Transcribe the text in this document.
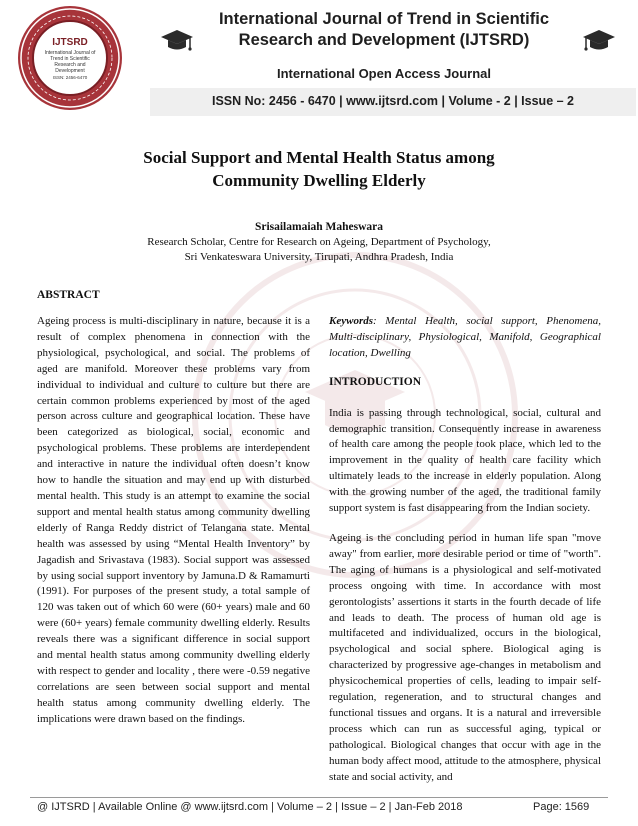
IJTSRD
International Journal of Trend in Scientific Research and Development
ISSN: 2456-6470
International Journal of Trend in Scientific
Research and Development (IJTSRD)
International Open Access Journal
ISSN No: 2456 - 6470 | www.ijtsrd.com | Volume - 2 | Issue – 2
Social Support and Mental Health Status among
Community Dwelling Elderly
Srisailamaiah Maheswara
Research Scholar, Centre for Research on Ageing, Department of Psychology,
Sri Venkateswara University, Tirupati, Andhra Pradesh, India
ABSTRACT

Ageing process is multi-disciplinary in nature, because it is a result of complex phenomena in connection with the physiological, psychological, and social. The problems of aged are manifold. Moreover these problems vary from individual to individual and culture to culture but there are certain common problems experienced by most of the aged person across culture and geographical location. These have been categorized as biological, social, economic and psychological problems. These problems are interdependent and interactive in nature the individual often doesn’t know how to handle the situation and may end up with disturbed mental health. This study is an attempt to examine the social support and mental health status among community dwelling elderly of Ranga Reddy district of Telangana state. Mental health was assessed by using “Mental Health Inventory” by Jagadish and Srivastava (1983). Social support was assessed by using social support inventory by Jamuna.D & Ramamurti (1991). For purposes of the present study, a total sample of 120 was taken out of which 60 were (60+ years) male and 60 were (60+ years) female community dwelling elderly. Results reveals there was a significant difference in social support and mental health status among community dwelling elderly with respect to gender and locality , there were -0.59 negative correlations are seen between social support and mental health status among community dwelling elderly. The implications were drawn based on the findings.

Keywords: Mental Health, social support, Phenomena, Multi-disciplinary, Physiological, Manifold, Geographical location, Dwelling

INTRODUCTION

India is passing through technological, social, cultural and demographic transition. Consequently increase in awareness of health care among the people took place, which led to the improvement in the quality of health care facility which ultimately leads to the increase in elderly population. Along with the growing number of the aged, the traditional family support system is fast disappearing from the Indian society.

Ageing is the concluding period in human life span "move away" from earlier, more desirable period or time of "worth". The aging of humans is a physiological and self-motivated process ongoing with time. In accordance with most gerontologists’ assertions it starts in the fourth decade of life and leads to death. The process of human old age is multifaceted and individualized, occurs in the biological, psychological and social sphere. Biological aging is characterized by progressive age-changes in metabolism and physicochemical properties of cells, leading to impair self-regulation, regeneration, and to structural changes and functional tissues and organs. It is a natural and irreversible process which can run as successful aging, typical or pathological. Biological changes that occur with age in the human body affect mood, attitude to the atmosphere, physical state and social activity, and

@ IJTSRD | Available Online @ www.ijtsrd.com | Volume – 2 | Issue – 2 | Jan-Feb 2018	Page: 1569
